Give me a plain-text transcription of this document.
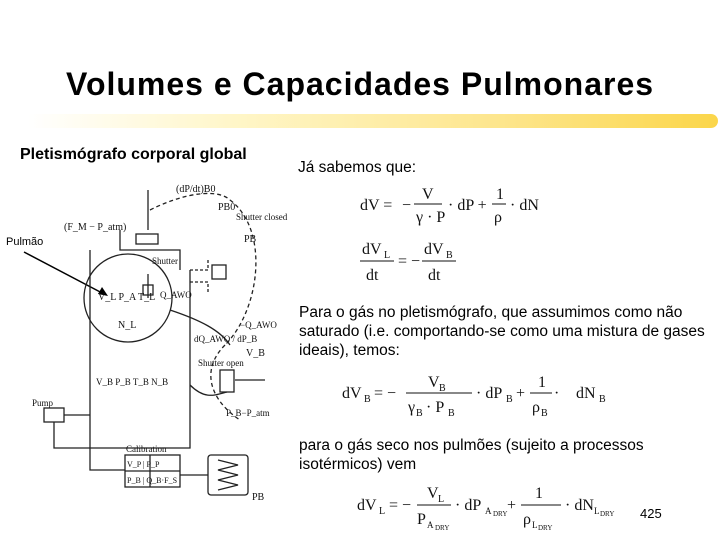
Volumes e Capacidades Pulmonares
Pletismógrafo corporal global
Pulmão
(dP/dt)B0
PB0
Shutter closed
(F_M − P_atm)
PB
Shutter
Q_AWO
V_L P_A T_L
N_L	−Q_AWO
dQ_AWO / dP_B
Shutter open
V_B
V_B P_B T_B N_B
Pump
P_B−P_atm
Calibration
V_P | P_P
P_B | Q_B·F_S
PB
Já sabemos que:
dV = −
V
γ · P
· dP +
1
ρ
· dN
dV L
dt
= −
dV B
dt
Para o gás no pletismógrafo, que assumimos como não saturado (i.e. comportando-se como uma mistura de gases ideais), temos:
dV B = −
V B
γ B · P B
· dP B +
1
ρ B
· dN B
para o gás seco nos pulmões (sujeito a processos isotérmicos) vem
dV L = −
V L
P A DRY
· dP A DRY +
1
ρ L DRY
· dN L DRY 425
